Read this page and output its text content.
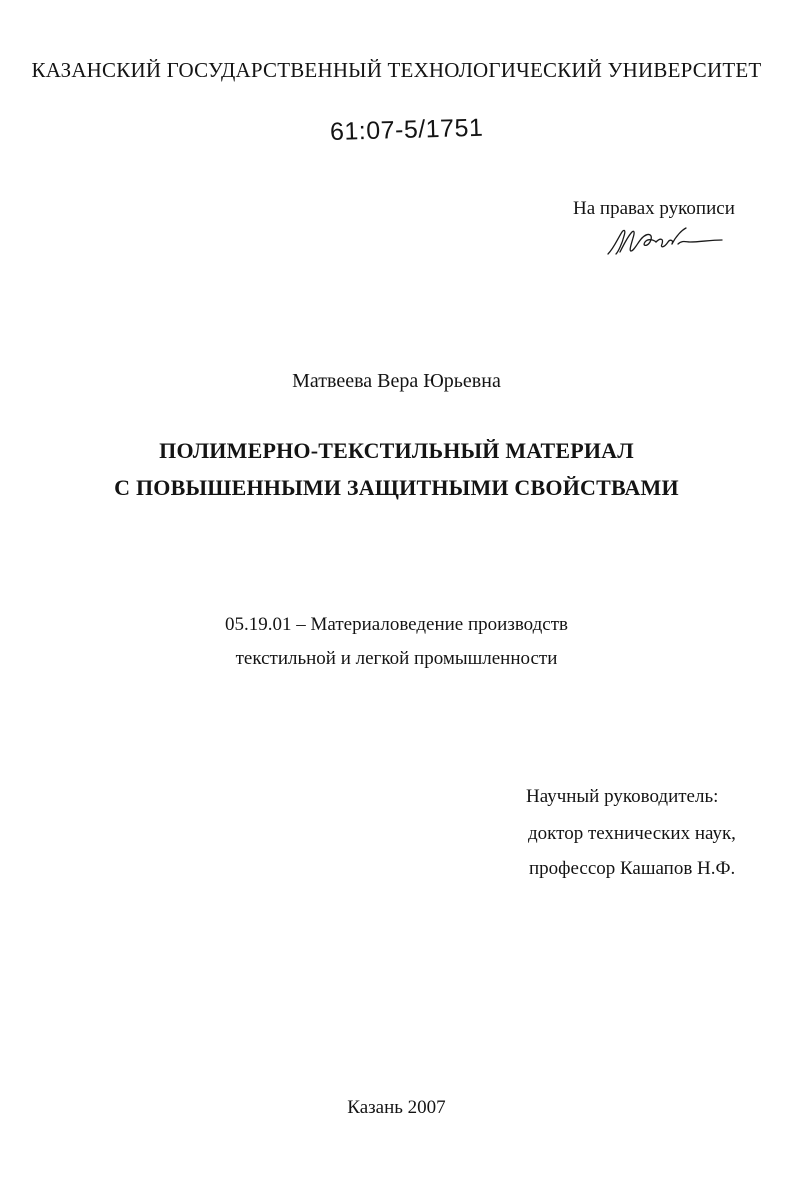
КАЗАНСКИЙ ГОСУДАРСТВЕННЫЙ ТЕХНОЛОГИЧЕСКИЙ УНИВЕРСИТЕТ
61:07-5/1751
На правах рукописи
Матвеева Вера Юрьевна
ПОЛИМЕРНО-ТЕКСТИЛЬНЫЙ МАТЕРИАЛ
С ПОВЫШЕННЫМИ ЗАЩИТНЫМИ СВОЙСТВАМИ
05.19.01 – Материаловедение производств
текстильной и легкой промышленности
Научный руководитель:
доктор технических наук,
профессор Кашапов Н.Ф.
Казань 2007
